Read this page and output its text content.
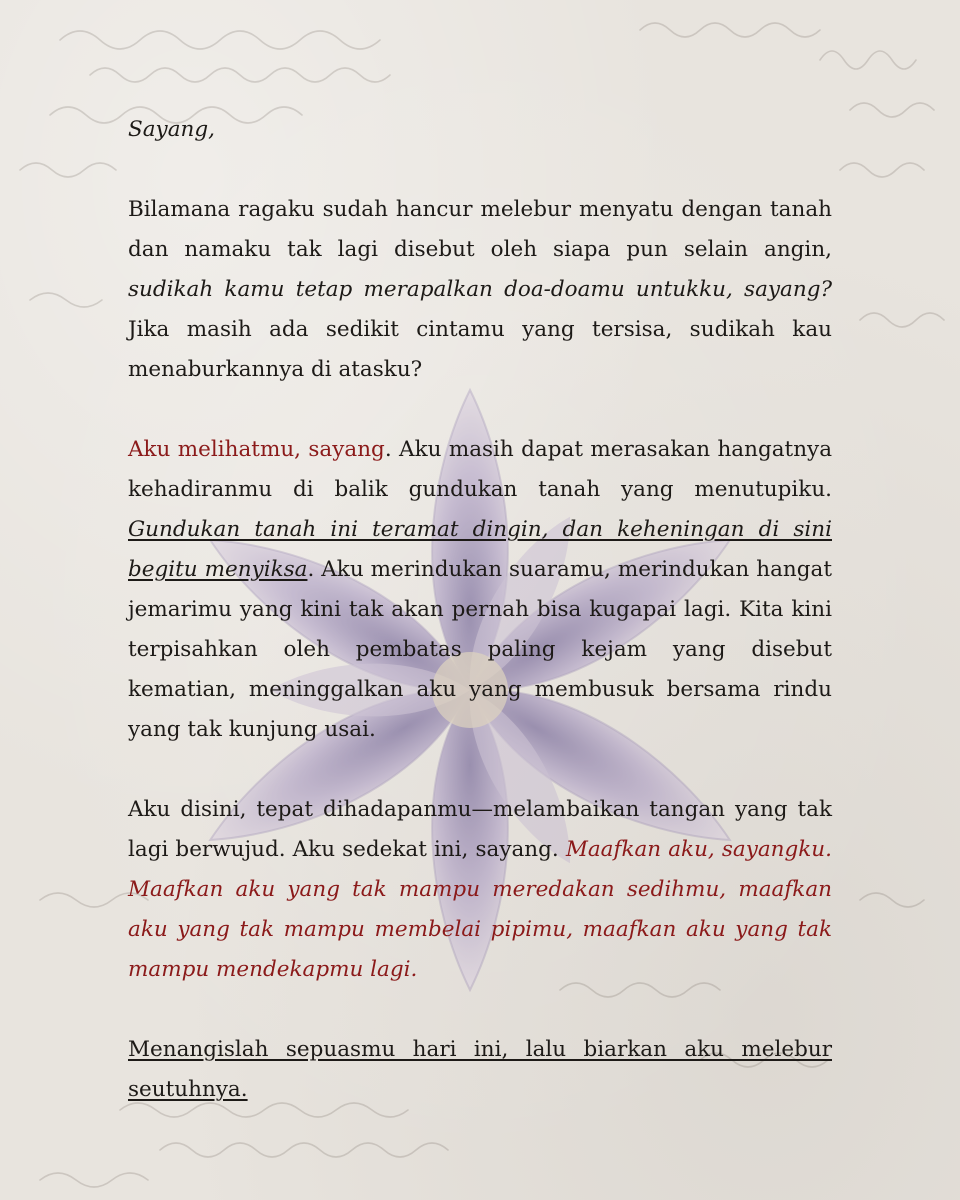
Sayang,

Bilamana ragaku sudah hancur melebur menyatu dengan tanah dan namaku tak lagi disebut oleh siapa pun selain angin, sudikah kamu tetap merapalkan doa-doamu untukku, sayang? Jika masih ada sedikit cintamu yang tersisa, sudikah kau menaburkannya di atasku?

Aku melihatmu, sayang. Aku masih dapat merasakan hangatnya kehadiranmu di balik gundukan tanah yang menutupiku. Gundukan tanah ini teramat dingin, dan keheningan di sini begitu menyiksa. Aku merindukan suaramu, merindukan hangat jemarimu yang kini tak akan pernah bisa kugapai lagi. Kita kini terpisahkan oleh pembatas paling kejam yang disebut kematian, meninggalkan aku yang membusuk bersama rindu yang tak kunjung usai.

Aku disini, tepat dihadapanmu—melambaikan tangan yang tak lagi berwujud. Aku sedekat ini, sayang. Maafkan aku, sayangku. Maafkan aku yang tak mampu meredakan sedihmu, maafkan aku yang tak mampu membelai pipimu, maafkan aku yang tak mampu mendekapmu lagi.

Menangislah sepuasmu hari ini, lalu biarkan aku melebur seutuhnya.
